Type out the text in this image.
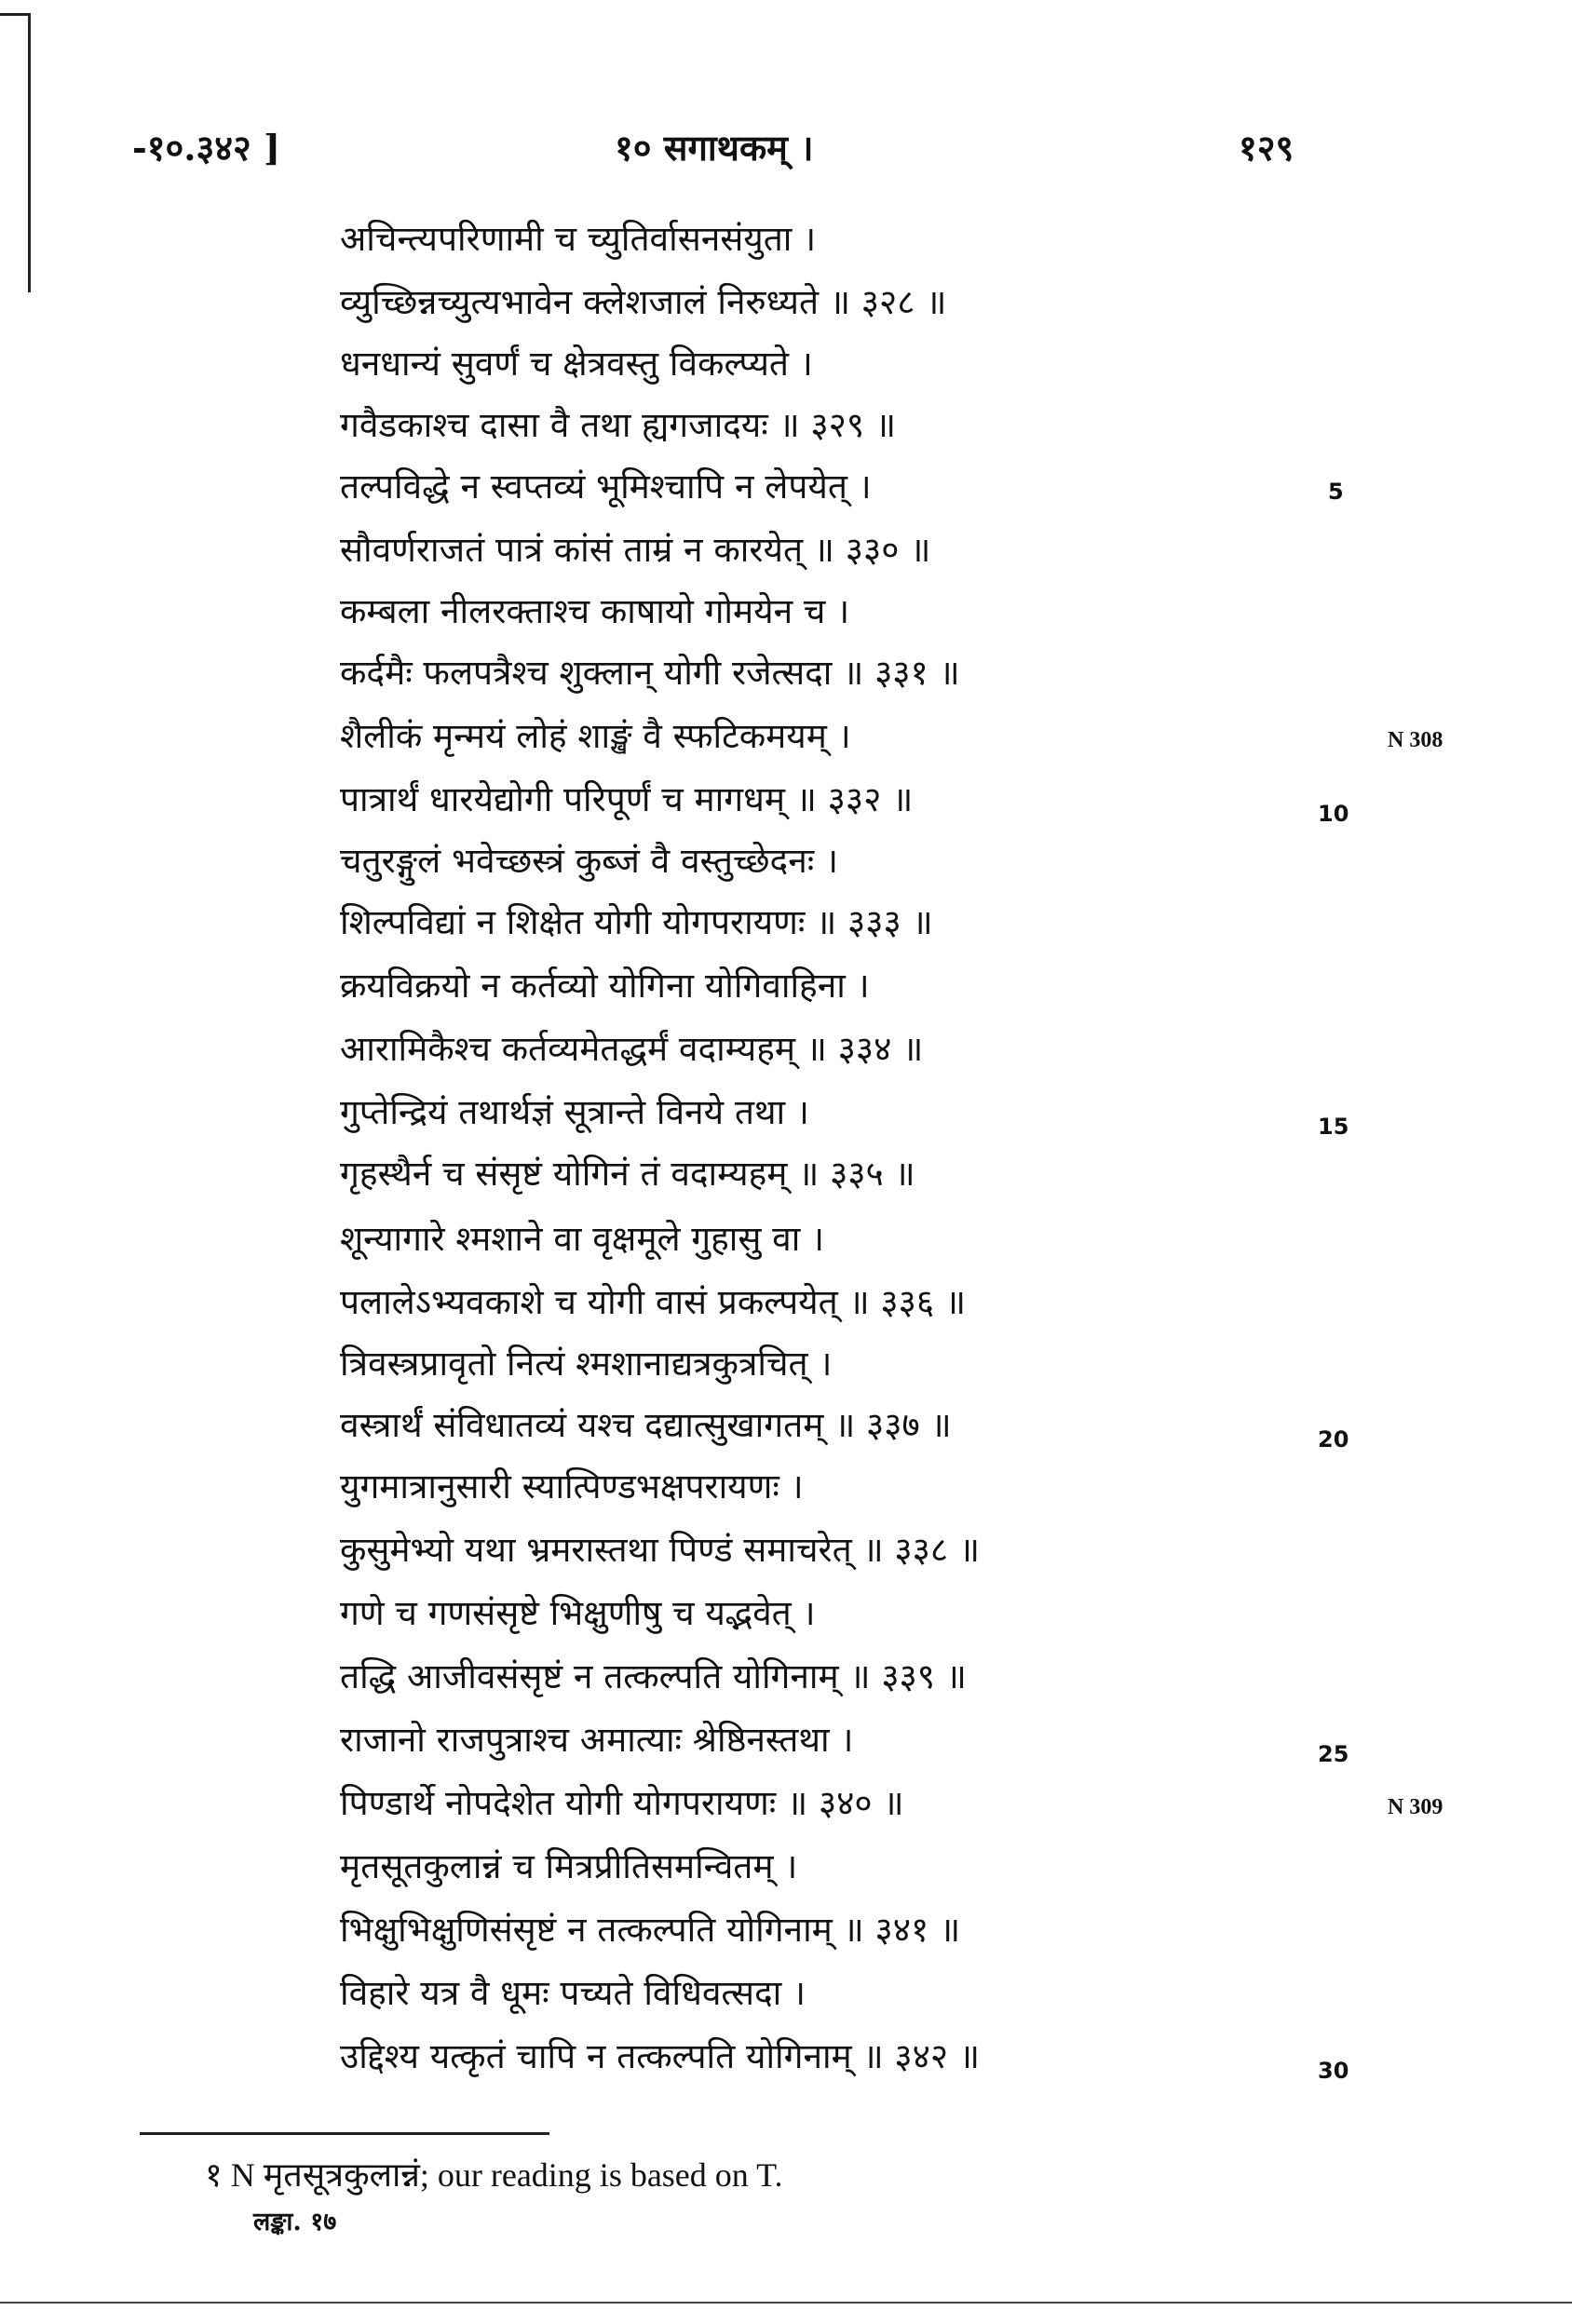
-१०.३४२ ]	१० सगाथकम् ।	१२९
अचिन्त्यपरिणामी च च्युतिर्वासनसंयुता ।
व्युच्छिन्नच्युत्यभावेन क्लेशजालं निरुध्यते ॥ ३२८ ॥
धनधान्यं सुवर्णं च क्षेत्रवस्तु विकल्प्यते ।
गवैडकाश्च दासा वै तथा ह्यगजादयः ॥ ३२९ ॥
तल्पविद्धे न स्वप्तव्यं भूमिश्चापि न लेपयेत् ।
सौवर्णराजतं पात्रं कांसं ताम्रं न कारयेत् ॥ ३३० ॥
कम्बला नीलरक्ताश्च काषायो गोमयेन च ।
कर्दमैः फलपत्रैश्च शुक्लान् योगी रजेत्सदा ॥ ३३१ ॥
शैलीकं मृन्मयं लोहं शाङ्खं वै स्फटिकमयम् ।
पात्रार्थं धारयेद्योगी परिपूर्णं च मागधम् ॥ ३३२ ॥
चतुरङ्गुलं भवेच्छस्त्रं कुब्जं वै वस्तुच्छेदनः ।
शिल्पविद्यां न शिक्षेत योगी योगपरायणः ॥ ३३३ ॥
क्रयविक्रयो न कर्तव्यो योगिना योगिवाहिना ।
आरामिकैश्च कर्तव्यमेतद्धर्मं वदाम्यहम् ॥ ३३४ ॥
गुप्तेन्द्रियं तथार्थज्ञं सूत्रान्ते विनये तथा ।
गृहस्थैर्न च संसृष्टं योगिनं तं वदाम्यहम् ॥ ३३५ ॥
शून्यागारे श्मशाने वा वृक्षमूले गुहासु वा ।
पलालेऽभ्यवकाशे च योगी वासं प्रकल्पयेत् ॥ ३३६ ॥
त्रिवस्त्रप्रावृतो नित्यं श्मशानाद्यत्रकुत्रचित् ।
वस्त्रार्थं संविधातव्यं यश्च दद्यात्सुखागतम् ॥ ३३७ ॥
युगमात्रानुसारी स्यात्पिण्डभक्षपरायणः ।
कुसुमेभ्यो यथा भ्रमरास्तथा पिण्डं समाचरेत् ॥ ३३८ ॥
गणे च गणसंसृष्टे भिक्षुणीषु च यद्भवेत् ।
तद्धि आजीवसंसृष्टं न तत्कल्पति योगिनाम् ॥ ३३९ ॥
राजानो राजपुत्राश्च अमात्याः श्रेष्ठिनस्तथा ।
पिण्डार्थे नोपदेशेत योगी योगपरायणः ॥ ३४० ॥
मृतसूतकुलान्नं च मित्रप्रीतिसमन्वितम् ।
भिक्षुभिक्षुणिसंसृष्टं न तत्कल्पति योगिनाम् ॥ ३४१ ॥
विहारे यत्र वै धूमः पच्यते विधिवत्सदा ।
उद्दिश्य यत्कृतं चापि न तत्कल्पति योगिनाम् ॥ ३४२ ॥
5
10
15
20
25
30
N 308
N 309
१ N मृतसूत्रकुलान्नं; our reading is based on T.
लङ्का. १७
